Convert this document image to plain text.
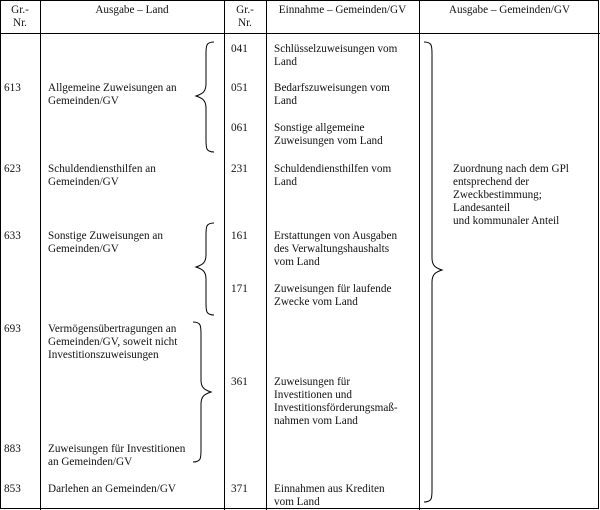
Gr.-
Nr.
Ausgabe – Land	Gr.-
Nr.
Einnahme – Gemeinden/GV	Ausgabe – Gemeinden/GV
613 Allgemeine Zuweisungen an
Gemeinden/GV
623 Schuldendiensthilfen an
Gemeinden/GV
633 Sonstige Zuweisungen an
Gemeinden/GV
693 Vermögensübertragungen an
Gemeinden/GV, soweit nicht
Investitionszuweisungen
883 Zuweisungen für Investitionen
an Gemeinden/GV
853 Darlehen an Gemeinden/GV
041 Schlüsselzuweisungen vom
Land
051 Bedarfszuweisungen vom
Land
061 Sonstige allgemeine
Zuweisungen vom Land
231 Schuldendiensthilfen vom
Land
161 Erstattungen von Ausgaben
des Verwaltungshaushalts
vom Land
171 Zuweisungen für laufende
Zwecke vom Land
361 Zuweisungen für
Investitionen und
Investitionsförderungsmaß-
nahmen vom Land
371 Einnahmen aus Krediten
vom Land
Zuordnung nach dem GPl
entsprechend der
Zweckbestimmung;
Landesanteil
und kommunaler Anteil
